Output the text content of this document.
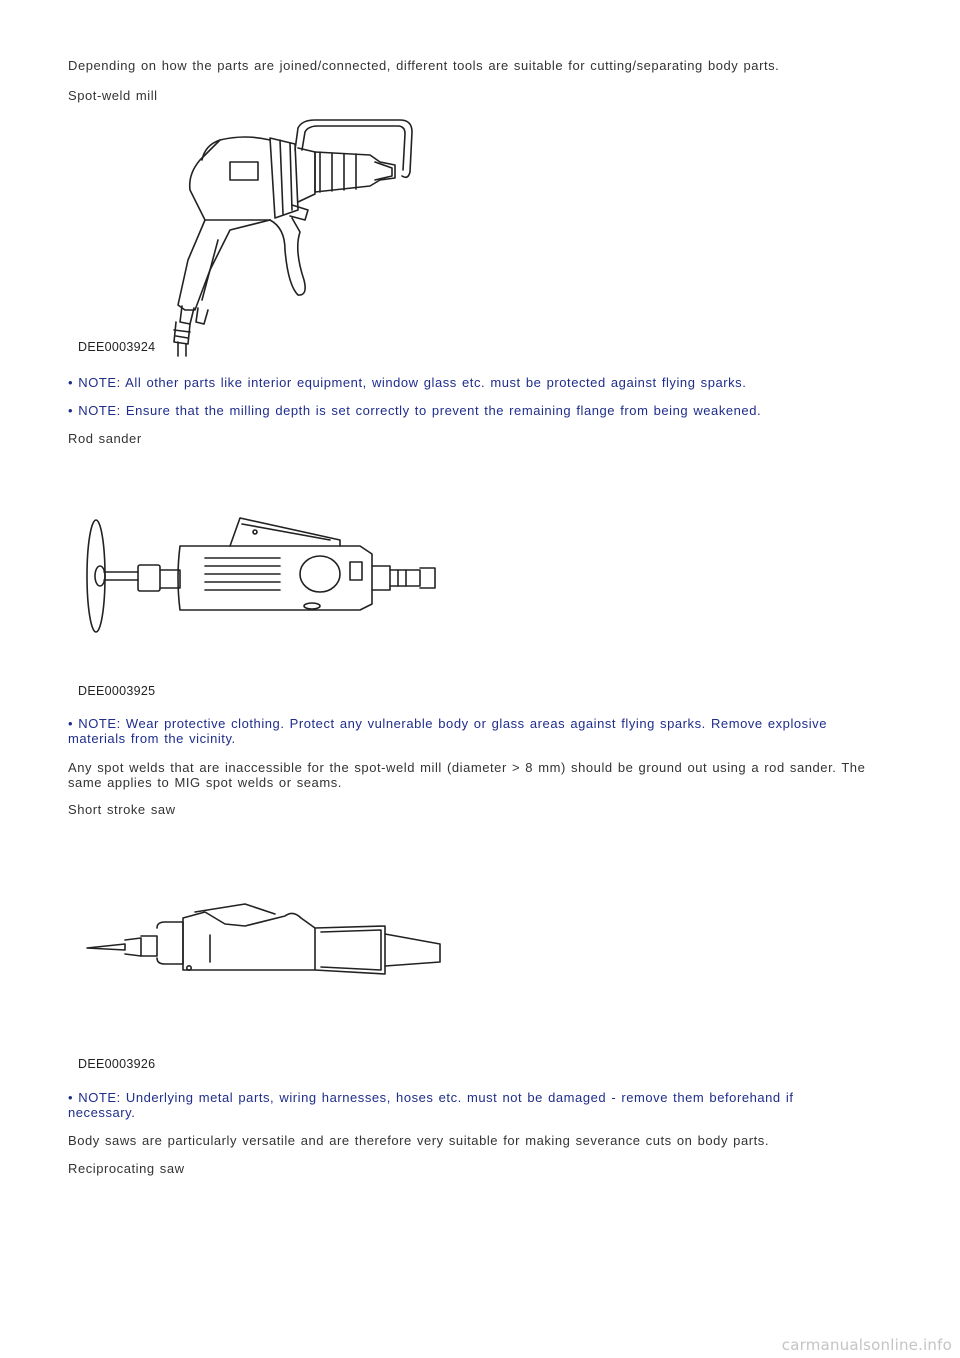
Depending on how the parts are joined/connected, different tools are suitable for cutting/separating body parts.
Spot-weld mill
DEE0003924
• NOTE: All other parts like interior equipment, window glass etc. must be protected against flying sparks.
• NOTE: Ensure that the milling depth is set correctly to prevent the remaining flange from being weakened.
Rod sander
DEE0003925
• NOTE: Wear protective clothing. Protect any vulnerable body or glass areas against flying sparks. Remove explosive materials from the vicinity.
Any spot welds that are inaccessible for the spot-weld mill (diameter > 8 mm) should be ground out using a rod sander. The same applies to MIG spot welds or seams.
Short stroke saw
DEE0003926
• NOTE: Underlying metal parts, wiring harnesses, hoses etc. must not be damaged - remove them beforehand if necessary.
Body saws are particularly versatile and are therefore very suitable for making severance cuts on body parts.
Reciprocating saw
carmanualsonline.info
